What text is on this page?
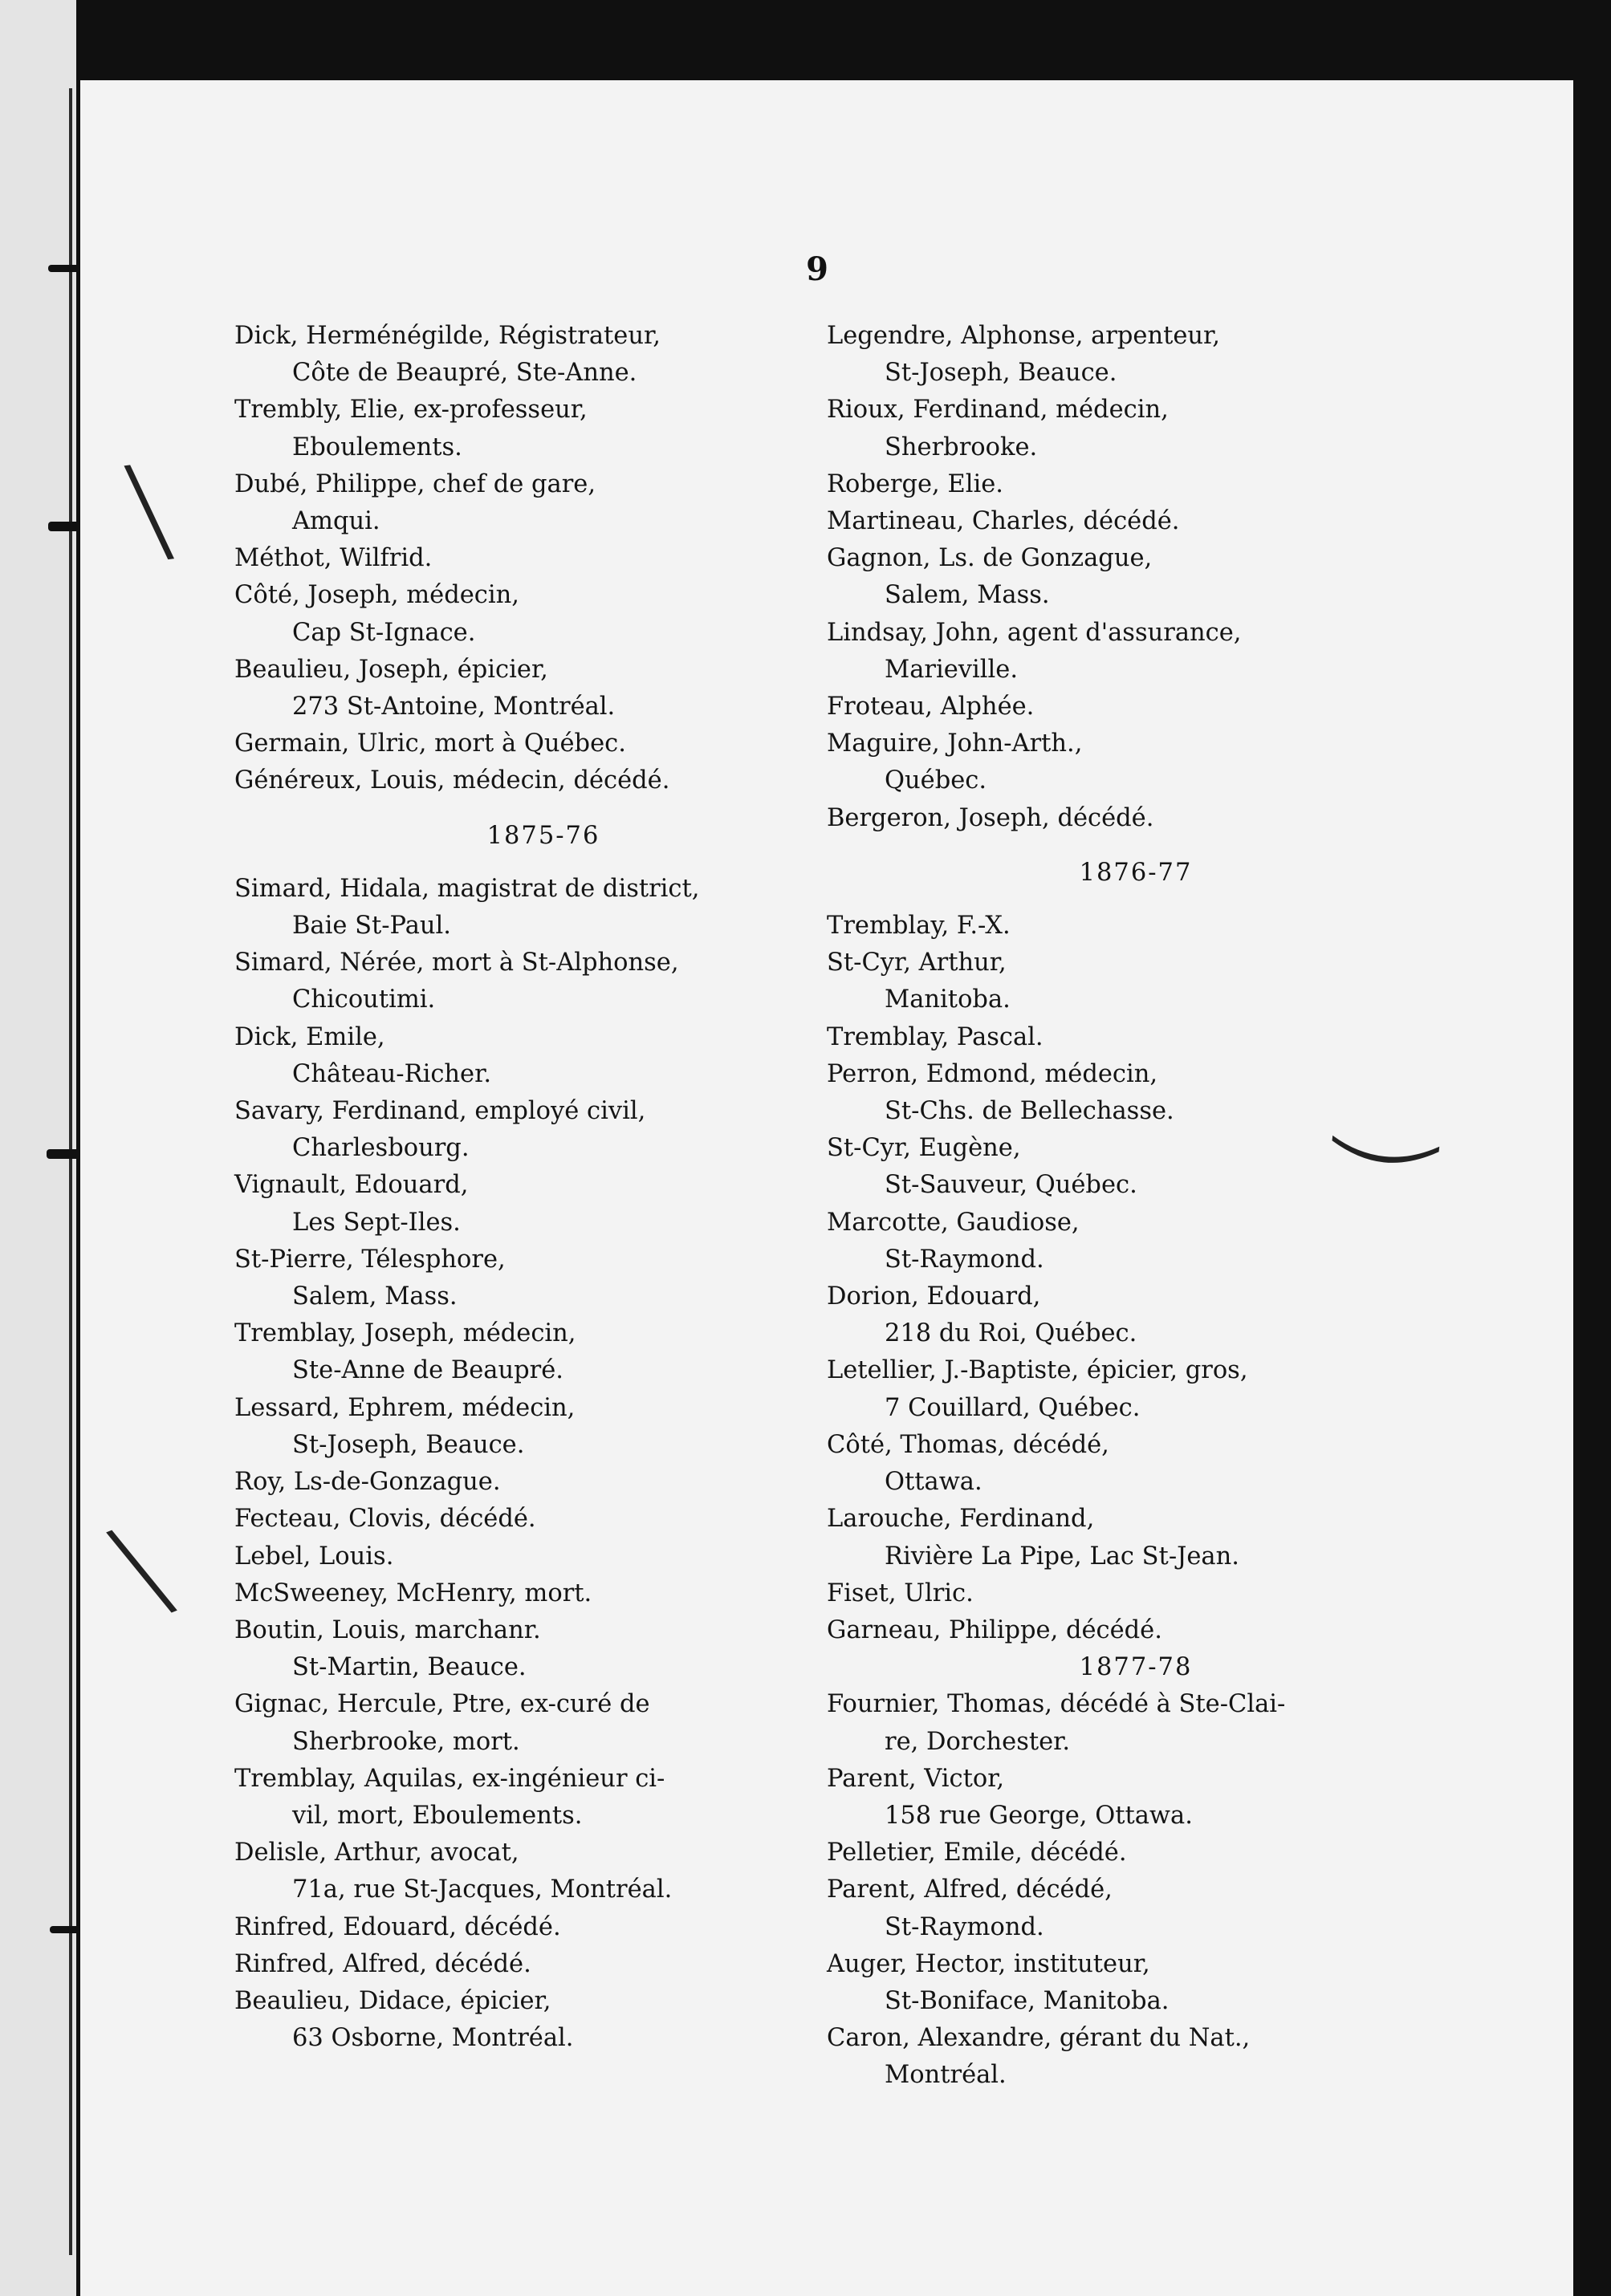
9
\
)
\
Dick, Herménégilde, Régistrateur,
Côte de Beaupré, Ste-Anne.
Trembly, Elie, ex-professeur,
Eboulements.
Dubé, Philippe, chef de gare,
Amqui.
Méthot, Wilfrid.
Côté, Joseph, médecin,
Cap St-Ignace.
Beaulieu, Joseph, épicier,
273 St-Antoine, Montréal.
Germain, Ulric, mort à Québec.
Généreux, Louis, médecin, décédé.
1875-76
Simard, Hidala, magistrat de district,
Baie St-Paul.
Simard, Nérée, mort à St-Alphonse,
Chicoutimi.
Dick, Emile,
Château-Richer.
Savary, Ferdinand, employé civil,
Charlesbourg.
Vignault, Edouard,
Les Sept-Iles.
St-Pierre, Télesphore,
Salem, Mass.
Tremblay, Joseph, médecin,
Ste-Anne de Beaupré.
Lessard, Ephrem, médecin,
St-Joseph, Beauce.
Roy, Ls-de-Gonzague.
Fecteau, Clovis, décédé.
Lebel, Louis.
McSweeney, McHenry, mort.
Boutin, Louis, marchanr.
St-Martin, Beauce.
Gignac, Hercule, Ptre, ex-curé de
Sherbrooke, mort.
Tremblay, Aquilas, ex-ingénieur ci-
vil, mort, Eboulements.
Delisle, Arthur, avocat,
71a, rue St-Jacques, Montréal.
Rinfred, Edouard, décédé.
Rinfred, Alfred, décédé.
Beaulieu, Didace, épicier,
63 Osborne, Montréal.
Legendre, Alphonse, arpenteur,
St-Joseph, Beauce.
Rioux, Ferdinand, médecin,
Sherbrooke.
Roberge, Elie.
Martineau, Charles, décédé.
Gagnon, Ls. de Gonzague,
Salem, Mass.
Lindsay, John, agent d'assurance,
Marieville.
Froteau, Alphée.
Maguire, John-Arth.,
Québec.
Bergeron, Joseph, décédé.
1876-77
Tremblay, F.-X.
St-Cyr, Arthur,
Manitoba.
Tremblay, Pascal.
Perron, Edmond, médecin,
St-Chs. de Bellechasse.
St-Cyr, Eugène,
St-Sauveur, Québec.
Marcotte, Gaudiose,
St-Raymond.
Dorion, Edouard,
218 du Roi, Québec.
Letellier, J.-Baptiste, épicier, gros,
7 Couillard, Québec.
Côté, Thomas, décédé,
Ottawa.
Larouche, Ferdinand,
Rivière La Pipe, Lac St-Jean.
Fiset, Ulric.
Garneau, Philippe, décédé.
1877-78
Fournier, Thomas, décédé à Ste-Clai-
re, Dorchester.
Parent, Victor,
158 rue George, Ottawa.
Pelletier, Emile, décédé.
Parent, Alfred, décédé,
St-Raymond.
Auger, Hector, instituteur,
St-Boniface, Manitoba.
Caron, Alexandre, gérant du Nat.,
Montréal.
